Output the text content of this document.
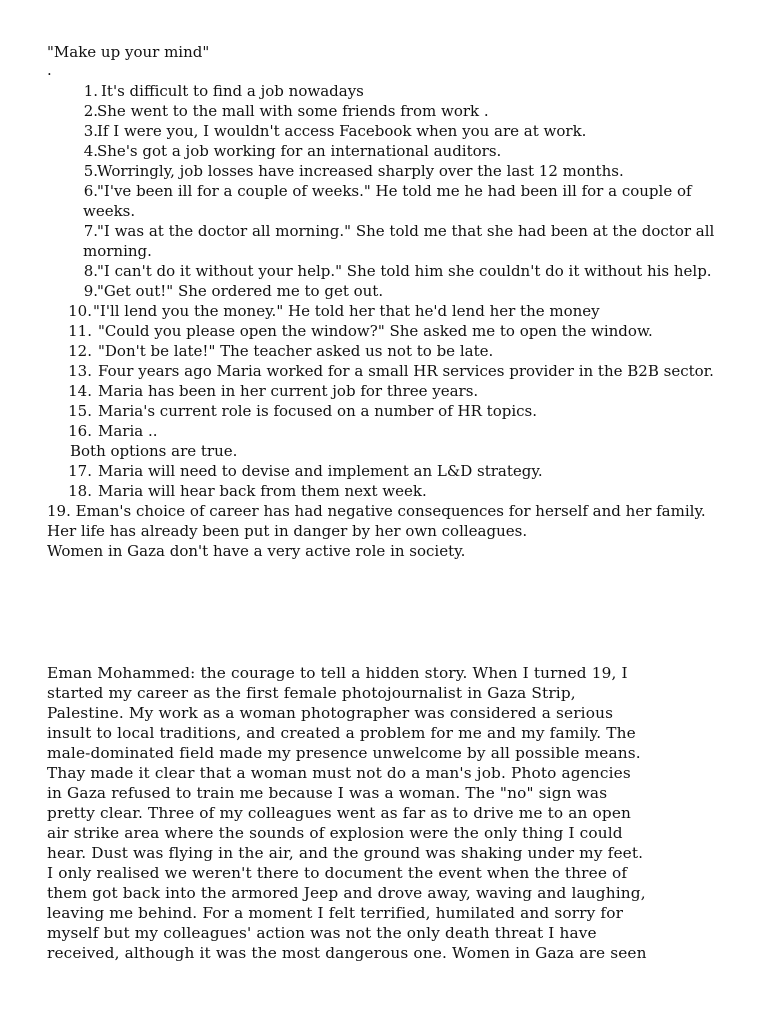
"Make up your mind"
.
1. It's difficult to find a job nowadays
2. She went to the mall with some friends from work .
3. If I were you, I wouldn't access Facebook when you are at work.
4. She's got a job working for an international auditors.
5. Worringly, job losses have increased sharply over the last 12 months.
6. "I've been ill for a couple of weeks." He told me he had been ill for a couple of
weeks.
7. "I was at the doctor all morning." She told me that she had been at the doctor all
morning.
8. "I can't do it without your help." She told him she couldn't do it without his help.
9. "Get out!" She ordered me to get out.
10. "I'll lend you the money." He told her that he'd lend her the money
11. "Could you please open the window?" She asked me to open the window.
12. "Don't be late!" The teacher asked us not to be late.
13. Four years ago Maria worked for a small HR services provider in the B2B sector.
14. Maria has been in her current job for three years.
15. Maria's current role is focused on a number of HR topics.
16. Maria ..
Both options are true.
17. Maria will need to devise and implement an L&D strategy.
18. Maria will hear back from them next week.
19. Eman's choice of career has had negative consequences for herself and her family.
Her life has already been put in danger by her own colleagues.
Women in Gaza don't have a very active role in society.
Eman Mohammed: the courage to tell a hidden story. When I turned 19, I
started my career as the first female photojournalist in Gaza Strip,
Palestine. My work as a woman photographer was considered a serious
insult to local traditions, and created a problem for me and my family. The
male-dominated field made my presence unwelcome by all possible means.
Thay made it clear that a woman must not do a man's job. Photo agencies
in Gaza refused to train me because I was a woman. The "no" sign was
pretty clear. Three of my colleagues went as far as to drive me to an open
air strike area where the sounds of explosion were the only thing I could
hear. Dust was flying in the air, and the ground was shaking under my feet.
I only realised we weren't there to document the event when the three of
them got back into the armored Jeep and drove away, waving and laughing,
leaving me behind. For a moment I felt terrified, humilated and sorry for
myself but my colleagues' action was not the only death threat I have
received, although it was the most dangerous one. Women in Gaza are seen
